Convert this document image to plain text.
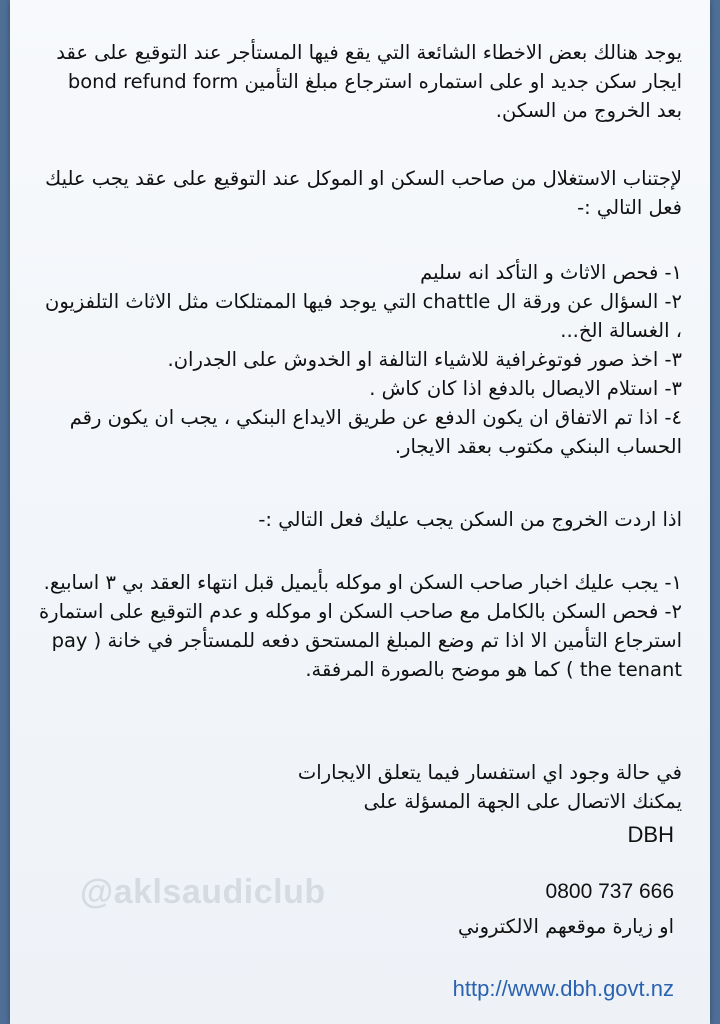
يوجد هنالك بعض الاخطاء الشائعة التي يقع فيها المستأجر عند التوقيع على عقد ايجار سكن جديد او على استماره استرجاع مبلغ التأمين bond refund form بعد الخروج من السكن.

لإجتناب الاستغلال من صاحب السكن او الموكل عند التوقيع على عقد يجب عليك فعل التالي :-

١- فحص الاثاث و التأكد انه سليم

٢- السؤال عن ورقة ال chattle التي يوجد فيها الممتلكات مثل الاثاث التلفزيون ، الغسالة الخ...

٣- اخذ صور فوتوغرافية للاشياء التالفة او الخدوش على الجدران.

٣- استلام الايصال بالدفع اذا كان كاش .

٤- اذا تم الاتفاق ان يكون الدفع عن طريق الايداع البنكي ، يجب ان يكون رقم الحساب البنكي مكتوب بعقد الايجار.

اذا اردت الخروج من السكن يجب عليك فعل التالي :-

١- يجب عليك اخبار صاحب السكن او موكله بأيميل قبل انتهاء العقد بي ٣ اسابيع.

٢- فحص السكن بالكامل مع صاحب السكن او موكله و عدم التوقيع على استمارة استرجاع التأمين الا اذا تم وضع المبلغ المستحق دفعه للمستأجر في خانة ( pay the tenant ) كما هو موضح بالصورة المرفقة.

في حالة وجود اي استفسار فيما يتعلق الايجارات

يمكنك الاتصال على الجهة المسؤلة على

DBH
@aklsaudiclub	0800 737 666
او زيارة موقعهم الالكتروني
http://www.dbh.govt.nz
